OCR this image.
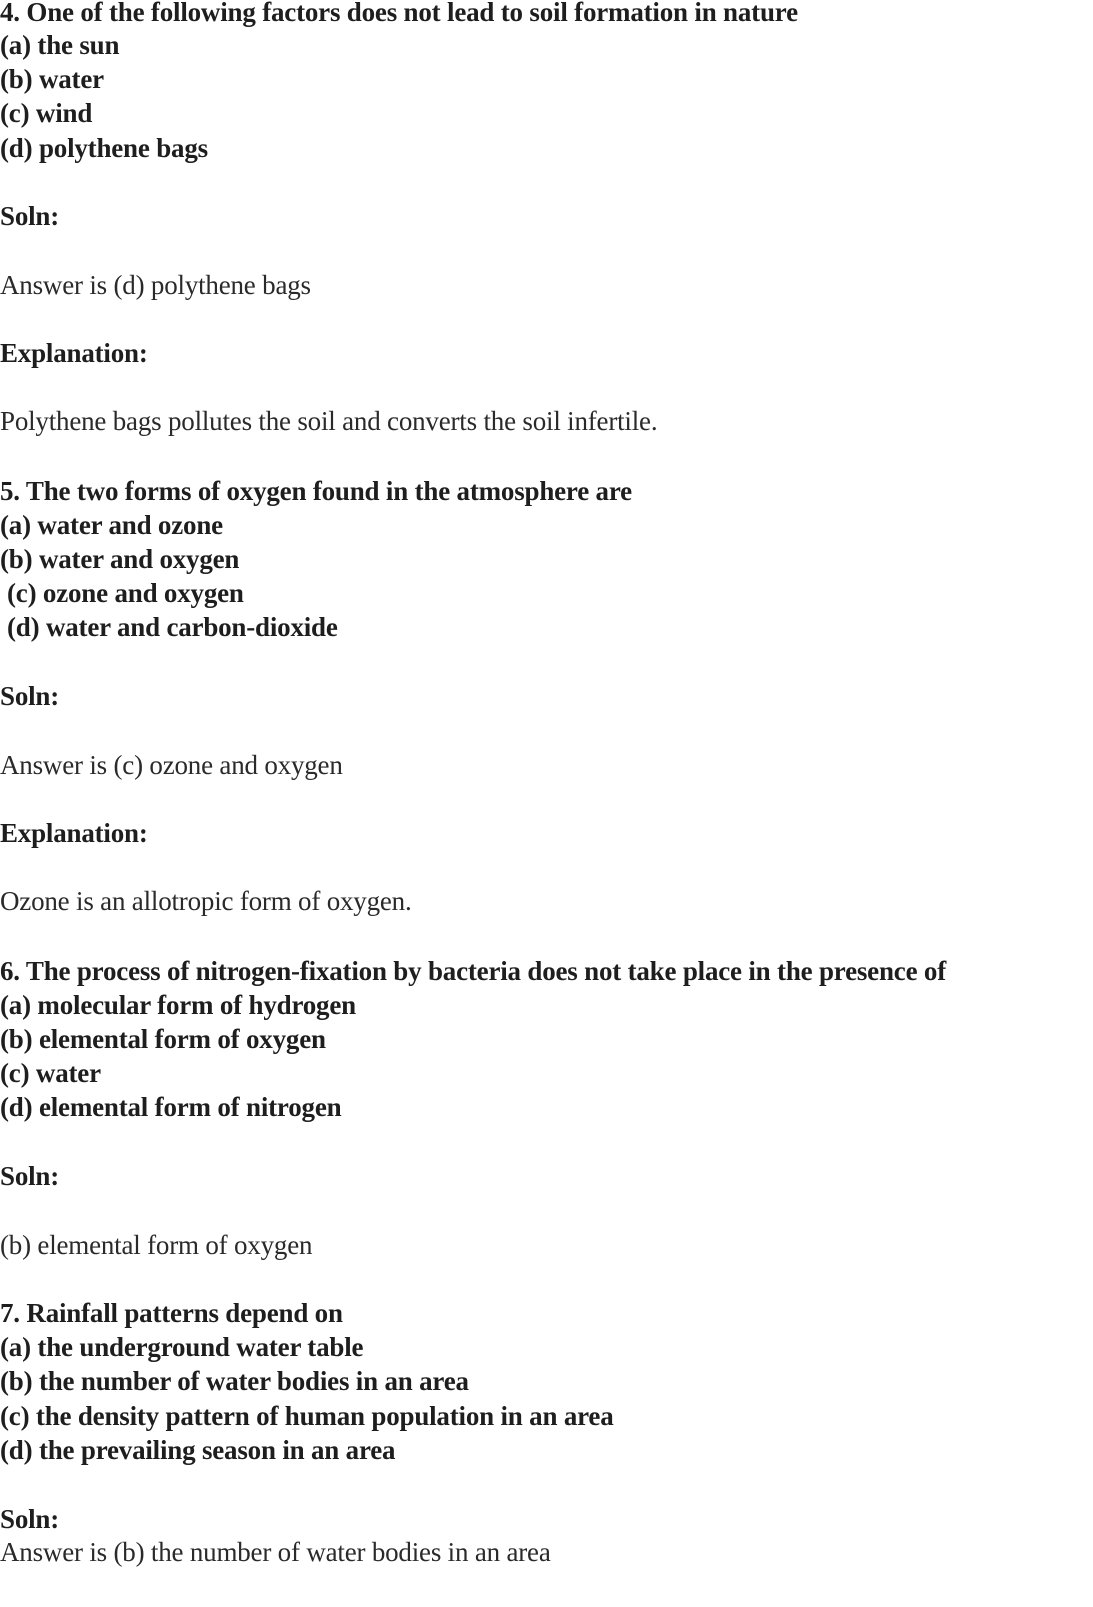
4. One of the following factors does not lead to soil formation in nature
(a) the sun
(b) water
(c) wind
(d) polythene bags
Soln:
Answer is (d) polythene bags
Explanation:
Polythene bags pollutes the soil and converts the soil infertile.
5. The two forms of oxygen found in the atmosphere are
(a) water and ozone
(b) water and oxygen
(c) ozone and oxygen
(d) water and carbon-dioxide
Soln:
Answer is (c) ozone and oxygen
Explanation:
Ozone is an allotropic form of oxygen.
6. The process of nitrogen-fixation by bacteria does not take place in the presence of
(a) molecular form of hydrogen
(b) elemental form of oxygen
(c) water
(d) elemental form of nitrogen
Soln:
(b) elemental form of oxygen
7. Rainfall patterns depend on
(a) the underground water table
(b) the number of water bodies in an area
(c) the density pattern of human population in an area
(d) the prevailing season in an area
Soln:
Answer is (b) the number of water bodies in an area
